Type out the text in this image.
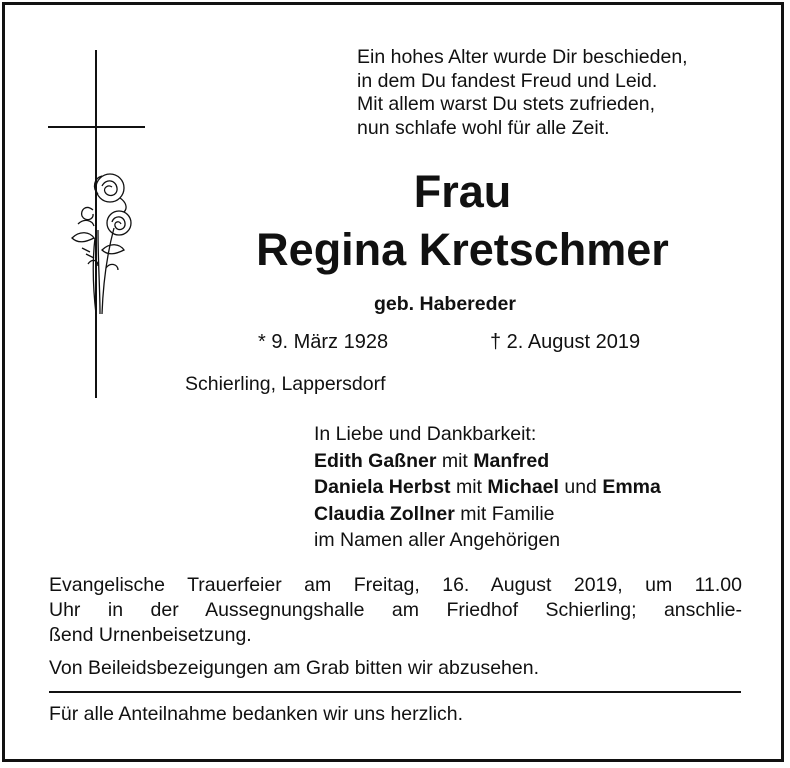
Ein hohes Alter wurde Dir beschieden,
in dem Du fandest Freud und Leid.
Mit allem warst Du stets zufrieden,
nun schlafe wohl für alle Zeit.
Frau
Regina Kretschmer
geb. Habereder
* 9. März 1928	† 2. August 2019
Schierling, Lappersdorf
In Liebe und Dankbarkeit:
Edith Gaßner mit Manfred
Daniela Herbst mit Michael und Emma
Claudia Zollner mit Familie
im Namen aller Angehörigen
Evangelische Trauerfeier am Freitag, 16. August 2019, um 11.00
Uhr in der Aussegnungshalle am Friedhof Schierling; anschlie-
ßend Urnenbeisetzung.
Von Beileidsbezeigungen am Grab bitten wir abzusehen.
Für alle Anteilnahme bedanken wir uns herzlich.
